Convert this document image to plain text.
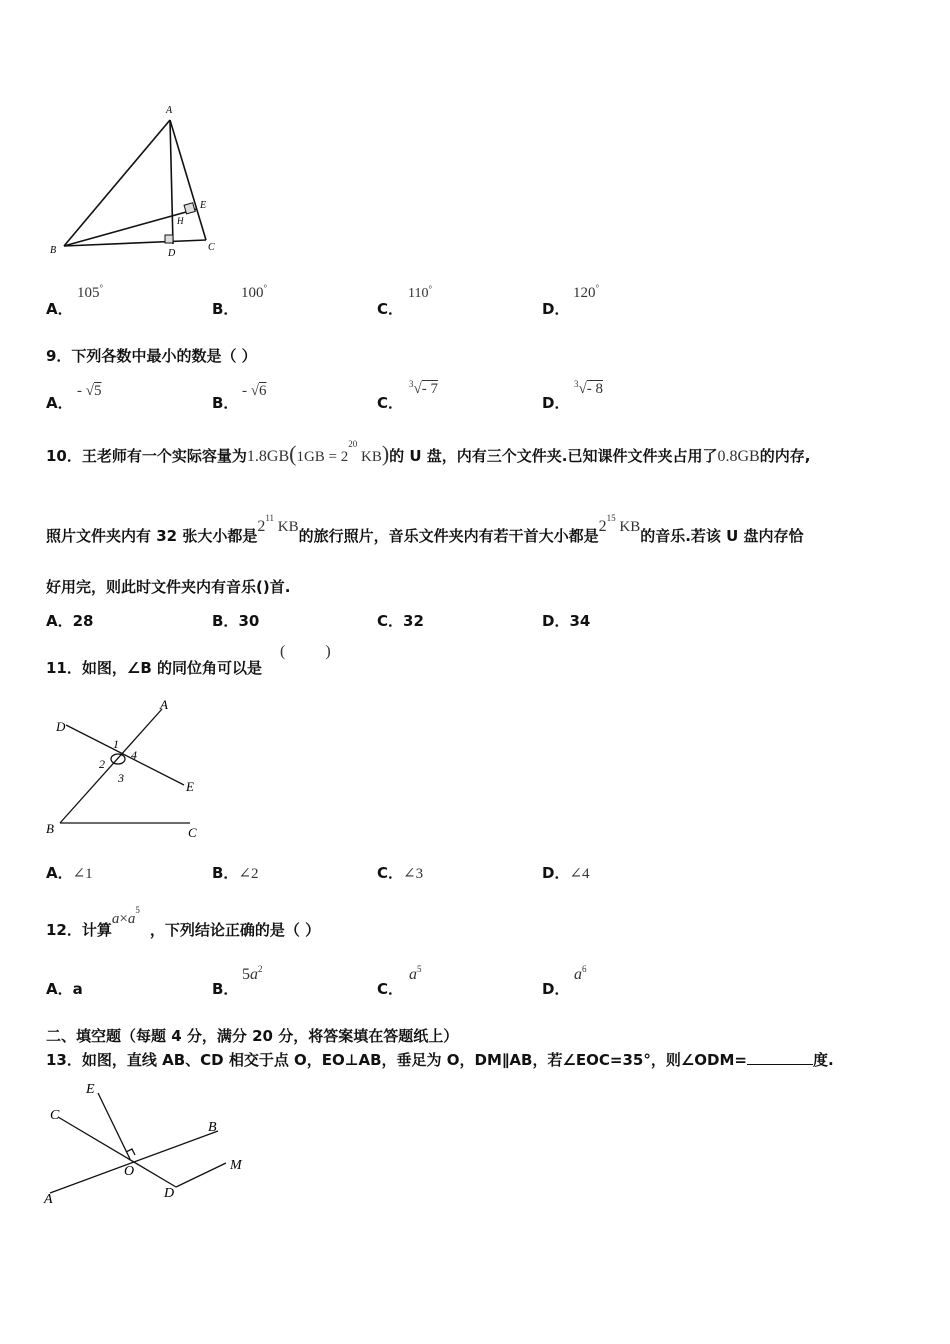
A
B	C
D
E
H
A．
105°
B．
100°
C．
110°
D．
120°
9．下列各数中最小的数是（ ）
A．
- √5
B．
- √6
C．
$^3$√- 7
D．
$^3$√- 8
10．王老师有一个实际容量为$1.8GB(1GB = 2^{20}$ KB)的 U 盘，内有三个文件夹.已知课件文件夹占用了0.8GB的内存,
照片文件夹内有 32 张大小都是$2^{11}$ KB的旅行照片，音乐文件夹内有若干首大小都是$2^{15}$ KB的音乐.若该 U 盘内存恰
好用完，则此时文件夹内有音乐()首.
A．28	B．30	C．32	D．34
11．如图，∠B 的同位角可以是
(          )
A
D
E
B	C
1
2
3
4
A．∠1	B．∠2	C．∠3	D．∠4
12．计算$a\times a^5$，下列结论正确的是（ ）
A．a	B．
$5a^2$
C．
$a^5$
D．
$a^6$
二、填空题（每题 4 分，满分 20 分，将答案填在答题纸上）
13．如图，直线 AB、CD 相交于点 O，EO⊥AB，垂足为 O，DM∥AB，若∠EOC=35°，则∠ODM=	度.
E
C
B
O	M
D
A
